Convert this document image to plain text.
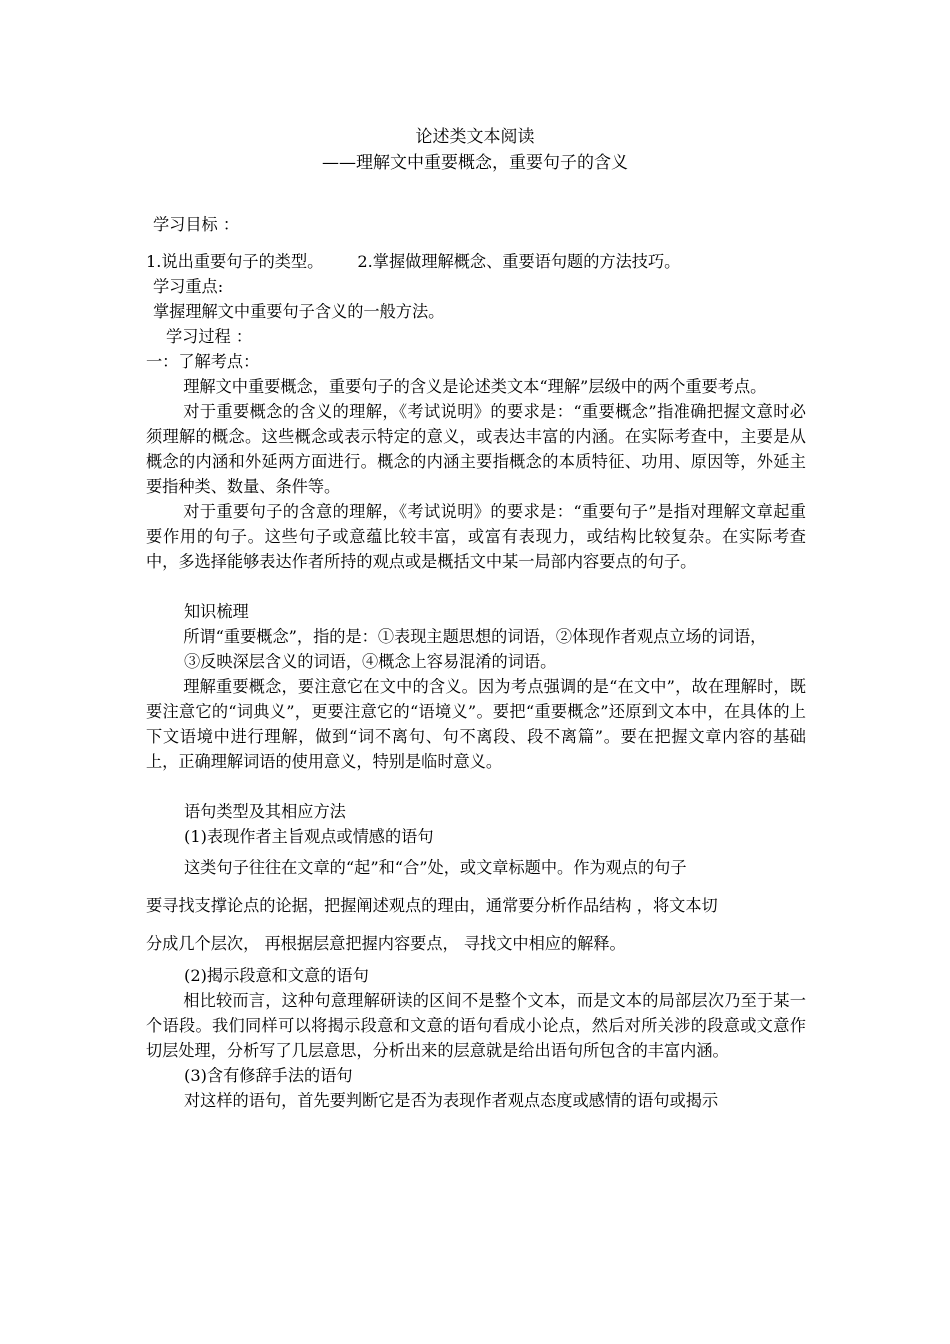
论述类文本阅读
——理解文中重要概念，重要句子的含义
学习目标 ：
1.说出重要句子的类型。 2.掌握做理解概念、重要语句题的方法技巧。
学习重点:
掌握理解文中重要句子含义的一般方法。
学习过程 ：
一：了解考点：
理解文中重要概念，重要句子的含义是论述类文本“理解”层级中的两个重要考点。
对于重要概念的含义的理解，《考试说明》的要求是：“重要概念”指准确把握文意时必须理解的概念。这些概念或表示特定的意义，或表达丰富的内涵。在实际考查中，主要是从概念的内涵和外延两方面进行。概念的内涵主要指概念的本质特征、功用、原因等，外延主要指种类、数量、条件等。
对于重要句子的含意的理解，《考试说明》的要求是：“重要句子”是指对理解文章起重要作用的句子。这些句子或意蕴比较丰富，或富有表现力，或结构比较复杂。在实际考查中，多选择能够表达作者所持的观点或是概括文中某一局部内容要点的句子。
知识梳理
所谓“重要概念”，指的是：①表现主题思想的词语，②体现作者观点立场的词语，
③反映深层含义的词语，④概念上容易混淆的词语。
理解重要概念，要注意它在文中的含义。因为考点强调的是“在文中”，故在理解时，既要注意它的“词典义”，更要注意它的“语境义”。要把“重要概念”还原到文本中，在具体的上下文语境中进行理解，做到“词不离句、句不离段、段不离篇”。要在把握文章内容的基础上，正确理解词语的使用意义，特别是临时意义。
语句类型及其相应方法
(1)表现作者主旨观点或情感的语句
这类句子往往在文章的“起”和“合”处，或文章标题中。作为观点的句子
要寻找支撑论点的论据，把握阐述观点的理由，通常要分析作品结构 ，将文本切
分成几个层次， 再根据层意把握内容要点， 寻找文中相应的解释。
(2)揭示段意和文意的语句
相比较而言，这种句意理解研读的区间不是整个文本，而是文本的局部层次乃至于某一个语段。我们同样可以将揭示段意和文意的语句看成小论点，然后对所关涉的段意或文意作切层处理，分析写了几层意思，分析出来的层意就是给出语句所包含的丰富内涵。
(3)含有修辞手法的语句
对这样的语句，首先要判断它是否为表现作者观点态度或感情的语句或揭示
